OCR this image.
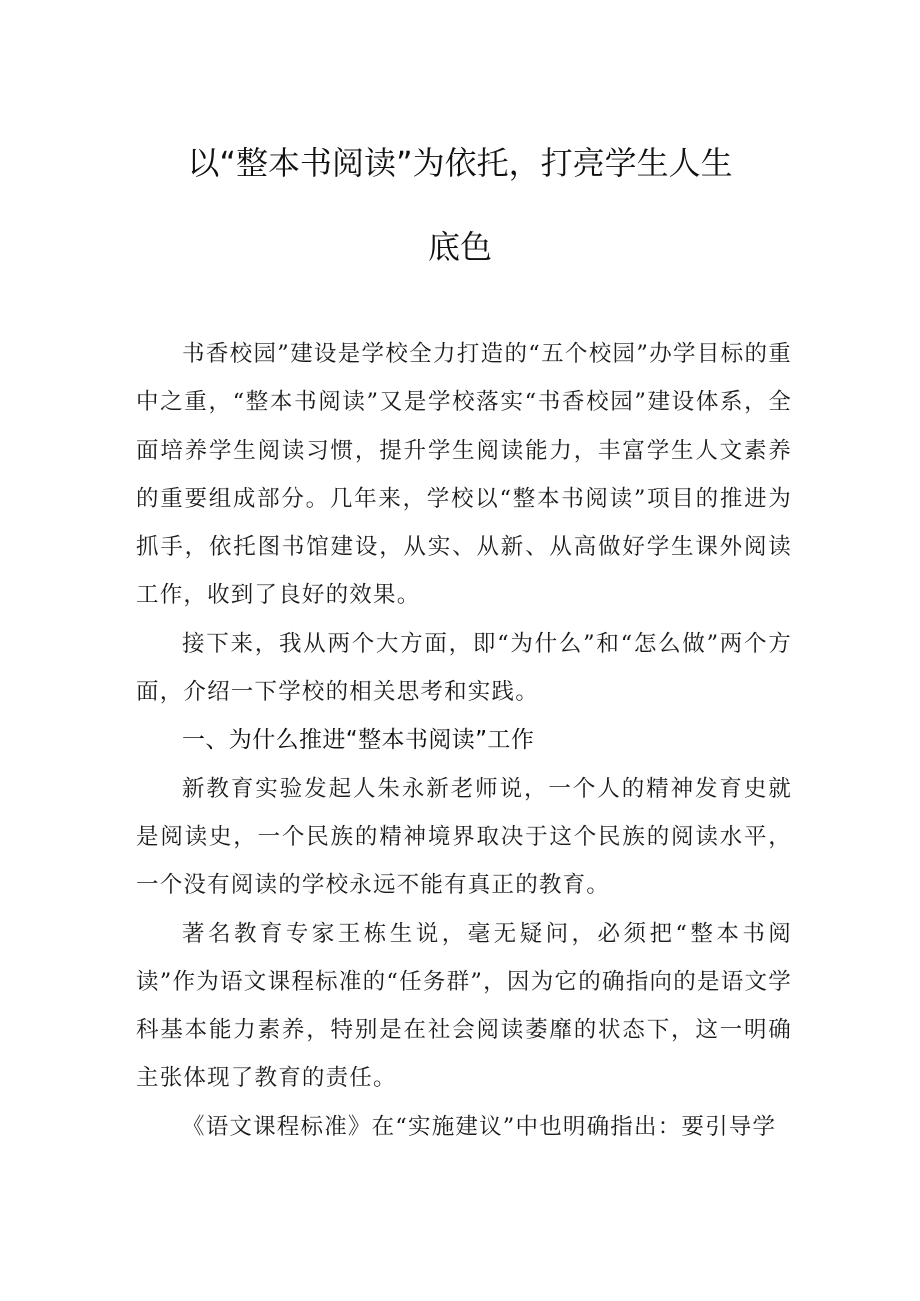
以“整本书阅读”为依托，打亮学生人生
底色

书香校园”建设是学校全力打造的“五个校园”办学目标的重中之重，“整本书阅读”又是学校落实“书香校园”建设体系，全面培养学生阅读习惯，提升学生阅读能力，丰富学生人文素养的重要组成部分。几年来，学校以“整本书阅读”项目的推进为抓手，依托图书馆建设，从实、从新、从高做好学生课外阅读工作，收到了良好的效果。

接下来，我从两个大方面，即“为什么”和“怎么做”两个方面，介绍一下学校的相关思考和实践。

一、为什么推进“整本书阅读”工作

新教育实验发起人朱永新老师说，一个人的精神发育史就是阅读史，一个民族的精神境界取决于这个民族的阅读水平，一个没有阅读的学校永远不能有真正的教育。

著名教育专家王栋生说，毫无疑问，必须把“整本书阅读”作为语文课程标准的“任务群”，因为它的确指向的是语文学科基本能力素养，特别是在社会阅读萎靡的状态下，这一明确主张体现了教育的责任。

《语文课程标准》在“实施建议”中也明确指出：要引导学
